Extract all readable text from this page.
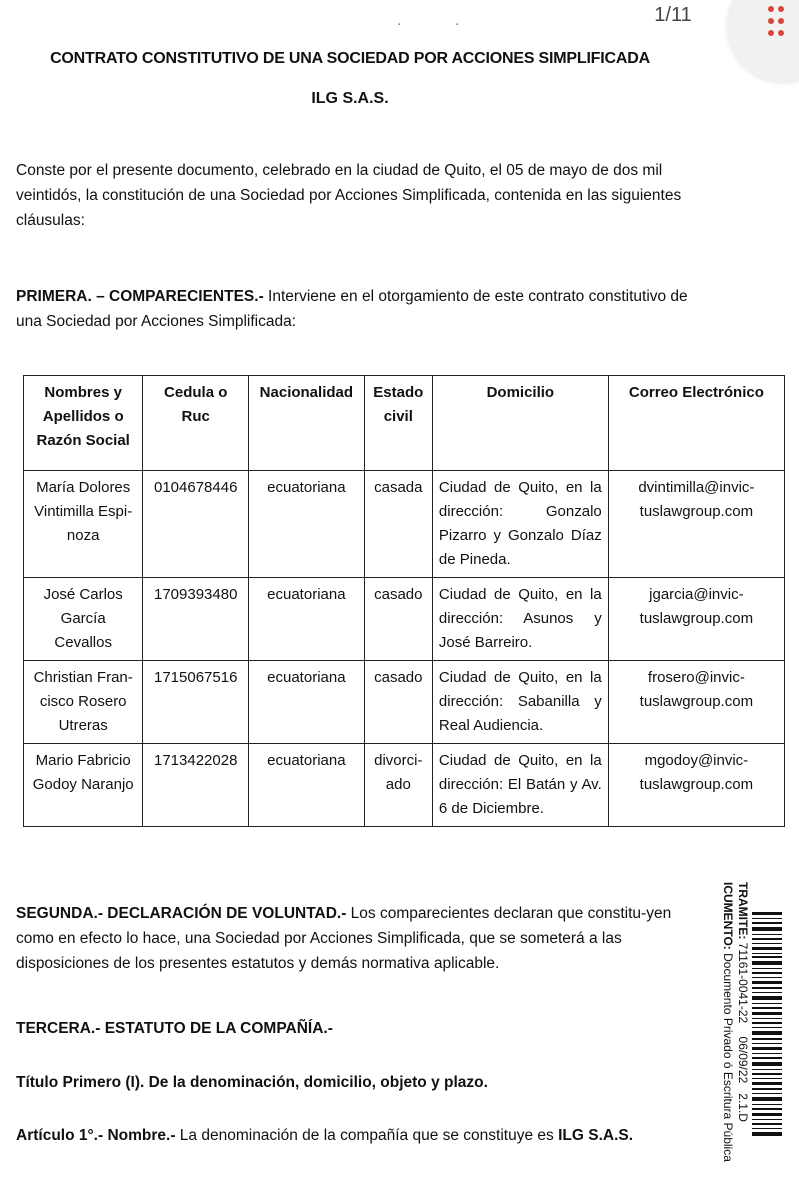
ʻ	ʻ
1/11
CONTRATO CONSTITUTIVO DE UNA SOCIEDAD POR ACCIONES SIMPLIFICADA
ILG S.A.S.
Conste por el presente documento, celebrado en la ciudad de Quito, el 05 de mayo de dos mil veintidós, la constitución de una Sociedad por Acciones Simplificada, contenida en las siguientes cláusulas:
PRIMERA. – COMPARECIENTES.- Interviene en el otorgamiento de este contrato constitutivo de una Sociedad por Acciones Simplificada:
Nombres y Apellidos o Razón Social	Cedula o Ruc	Nacionalidad	Estado civil	Domicilio	Correo Electrónico
María Dolores Vintimilla Espi-noza	0104678446	ecuatoriana	casada	Ciudad de Quito, en la dirección: Gonzalo Pizarro y Gonzalo Díaz de Pineda.	dvintimilla@invic-tuslawgroup.com
José Carlos García Cevallos	1709393480	ecuatoriana	casado	Ciudad de Quito, en la dirección: Asunos y José Barreiro.	jgarcia@invic-tuslawgroup.com
Christian Fran-cisco Rosero Utreras	1715067516	ecuatoriana	casado	Ciudad de Quito, en la dirección: Sabanilla y Real Audiencia.	frosero@invic-tuslawgroup.com
Mario Fabricio Godoy Naranjo	1713422028	ecuatoriana	divorci-ado	Ciudad de Quito, en la dirección: El Batán y Av. 6 de Diciembre.	mgodoy@invic-tuslawgroup.com
SEGUNDA.- DECLARACIÓN DE VOLUNTAD.- Los comparecientes declaran que constitu-yen como en efecto lo hace, una Sociedad por Acciones Simplificada, que se someterá a las disposiciones de los presentes estatutos y demás normativa aplicable.
TERCERA.- ESTATUTO DE LA COMPAÑÍA.-
Título Primero (I). De la denominación, domicilio, objeto y plazo.
Artículo 1°.- Nombre.- La denominación de la compañía que se constituye es ILG S.A.S.
TRAMITE: 71161-0041-22    06/09/22   2.1.D
ICUMENTO: Documento Privado ó Escritura Pública
